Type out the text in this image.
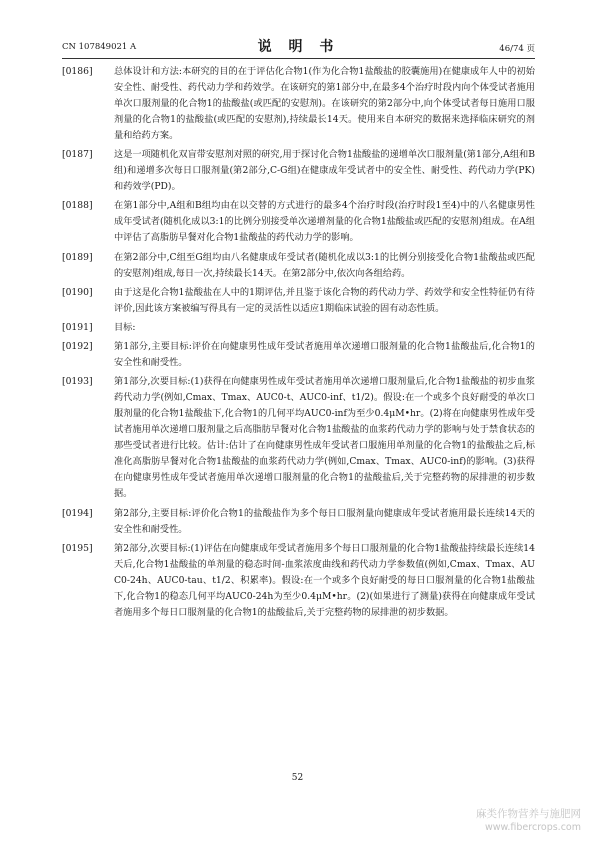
CN 107849021 A	说 明 书	46/74 页
[0186]	总体设计和方法:本研究的目的在于评估化合物1(作为化合物1盐酸盐的胶囊施用)在健康成年人中的初始安全性、耐受性、药代动力学和药效学。在该研究的第1部分中,在最多4个治疗时段内向个体受试者施用单次口服剂量的化合物1的盐酸盐(或匹配的安慰剂)。在该研究的第2部分中,向个体受试者每日施用口服剂量的化合物1的盐酸盐(或匹配的安慰剂),持续最长14天。使用来自本研究的数据来选择临床研究的剂量和给药方案。
[0187]	这是一项随机化双盲带安慰剂对照的研究,用于探讨化合物1盐酸盐的递增单次口服剂量(第1部分,A组和B组)和递增多次每日口服剂量(第2部分,C-G组)在健康成年受试者中的安全性、耐受性、药代动力学(PK)和药效学(PD)。
[0188]	在第1部分中,A组和B组均由在以交替的方式进行的最多4个治疗时段(治疗时段1至4)中的八名健康男性成年受试者(随机化成以3:1的比例分别接受单次递增剂量的化合物1盐酸盐或匹配的安慰剂)组成。在A组中评估了高脂肪早餐对化合物1盐酸盐的药代动力学的影响。
[0189]	在第2部分中,C组至G组均由八名健康成年受试者(随机化成以3:1的比例分别接受化合物1盐酸盐或匹配的安慰剂)组成,每日一次,持续最长14天。在第2部分中,依次向各组给药。
[0190]	由于这是化合物1盐酸盐在人中的1期评估,并且鉴于该化合物的药代动力学、药效学和安全性特征仍有待评价,因此该方案被编写得具有一定的灵活性以适应1期临床试验的固有动态性质。
[0191]	目标:
[0192]	第1部分,主要目标:评价在向健康男性成年受试者施用单次递增口服剂量的化合物1盐酸盐后,化合物1的安全性和耐受性。
[0193]	第1部分,次要目标:(1)获得在向健康男性成年受试者施用单次递增口服剂量后,化合物1盐酸盐的初步血浆药代动力学(例如,Cmax、Tmax、AUC0-t、AUC0-inf、t1/2)。假设:在一个或多个良好耐受的单次口服剂量的化合物1盐酸盐下,化合物1的几何平均AUC0-inf为至少0.4μM•hr。(2)将在向健康男性成年受试者施用单次递增口服剂量之后高脂肪早餐对化合物1盐酸盐的血浆药代动力学的影响与处于禁食状态的那些受试者进行比较。估计:估计了在向健康男性成年受试者口服施用单剂量的化合物1的盐酸盐之后,标准化高脂肪早餐对化合物1盐酸盐的血浆药代动力学(例如,Cmax、Tmax、AUC0-inf)的影响。(3)获得在向健康男性成年受试者施用单次递增口服剂量的化合物1的盐酸盐后,关于完整药物的尿排泄的初步数据。
[0194]	第2部分,主要目标:评价化合物1的盐酸盐作为多个每日口服剂量向健康成年受试者施用最长连续14天的安全性和耐受性。
[0195]	第2部分,次要目标:(1)评估在向健康成年受试者施用多个每日口服剂量的化合物1盐酸盐持续最长连续14天后,化合物1盐酸盐的单剂量的稳态时间-血浆浓度曲线和药代动力学参数值(例如,Cmax、Tmax、AUC0-24h、AUC0-tau、t1/2、积累率)。假设:在一个或多个良好耐受的每日口服剂量的化合物1盐酸盐下,化合物1的稳态几何平均AUC0-24h为至少0.4μM•hr。(2)(如果进行了测量)获得在向健康成年受试者施用多个每日口服剂量的化合物1的盐酸盐后,关于完整药物的尿排泄的初步数据。
52
麻类作物营养与施肥网
www.fibercrops.com
